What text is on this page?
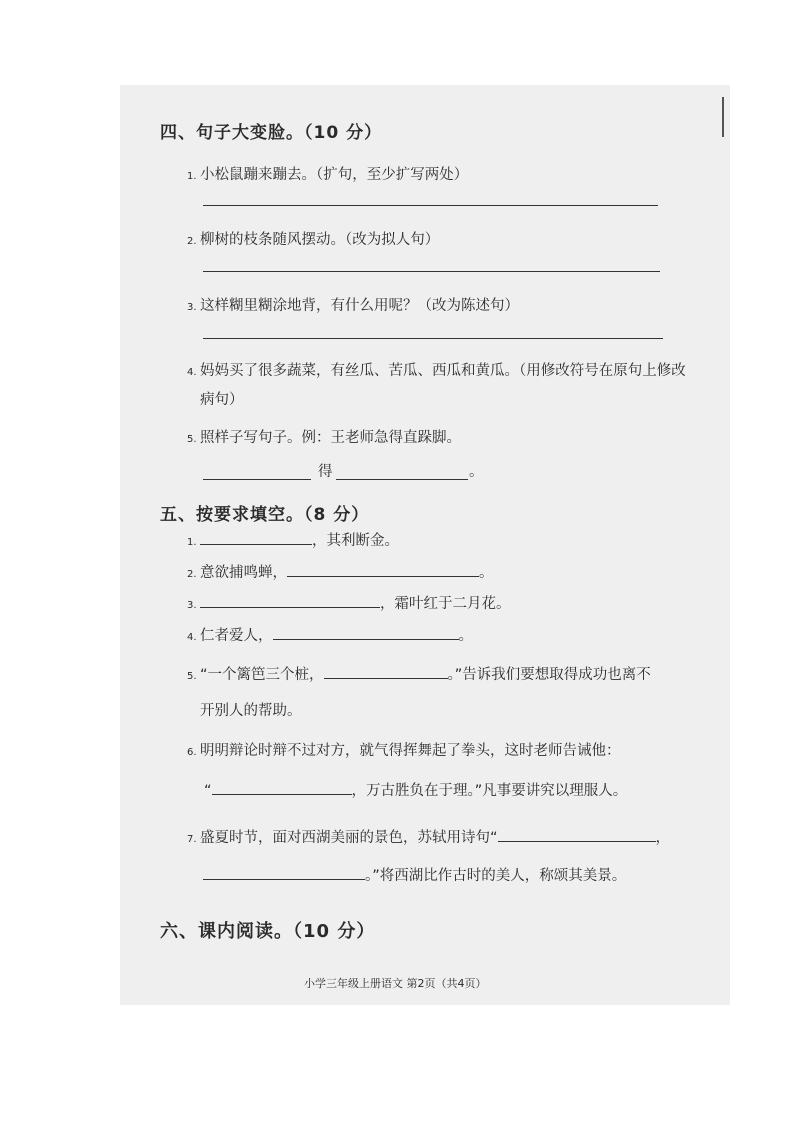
四、句子大变脸。（10 分）
1. 小松鼠蹦来蹦去。（扩句，至少扩写两处）
2. 柳树的枝条随风摆动。（改为拟人句）
3. 这样糊里糊涂地背，有什么用呢？（改为陈述句）
4. 妈妈买了很多蔬菜，有丝瓜、苦瓜、西瓜和黄瓜。（用修改符号在原句上修改
病句）
5. 照样子写句子。例：王老师急得直跺脚。
得	。
五、按要求填空。（8 分）
1.	，其利断金。
2. 意欲捕鸣蝉，	。
3.	，霜叶红于二月花。
4. 仁者爱人，	。
5. “一个篱笆三个桩，	。”告诉我们要想取得成功也离不
开别人的帮助。
6. 明明辩论时辩不过对方，就气得挥舞起了拳头，这时老师告诫他：
“	，万古胜负在于理。”凡事要讲究以理服人。
7. 盛夏时节，面对西湖美丽的景色，苏轼用诗句“	，
。”将西湖比作古时的美人，称颂其美景。
六、课内阅读。（10 分）
小学三年级上册语文 第2页（共4页）
